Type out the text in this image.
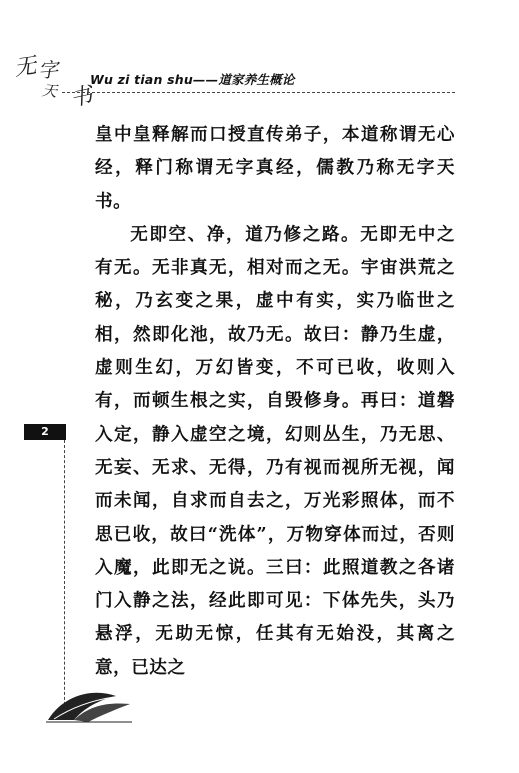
无 字
天 书
Wu zi tian shu——道家养生概论

皇中皇释解而口授直传弟子，本道称谓无心经，释门称谓无字真经，儒教乃称无字天书。

无即空、净，道乃修之路。无即无中之有无。无非真无，相对而之无。宇宙洪荒之秘，乃玄变之果，虚中有实，实乃临世之相，然即化池，故乃无。故曰：静乃生虚，虚则生幻，万幻皆变，不可已收，收则入有，而顿生根之实，自毁修身。再曰：道磐入定，静入虚空之境，幻则丛生，乃无思、无妄、无求、无得，乃有视而视所无视，闻而未闻，自求而自去之，万光彩照体，而不思已收，故曰“洗体”，万物穿体而过，否则入魔，此即无之说。三曰：此照道教之各诸门入静之法，经此即可见：下体先失，头乃悬浮，无助无惊，任其有无始没，其离之意，已达之

2
